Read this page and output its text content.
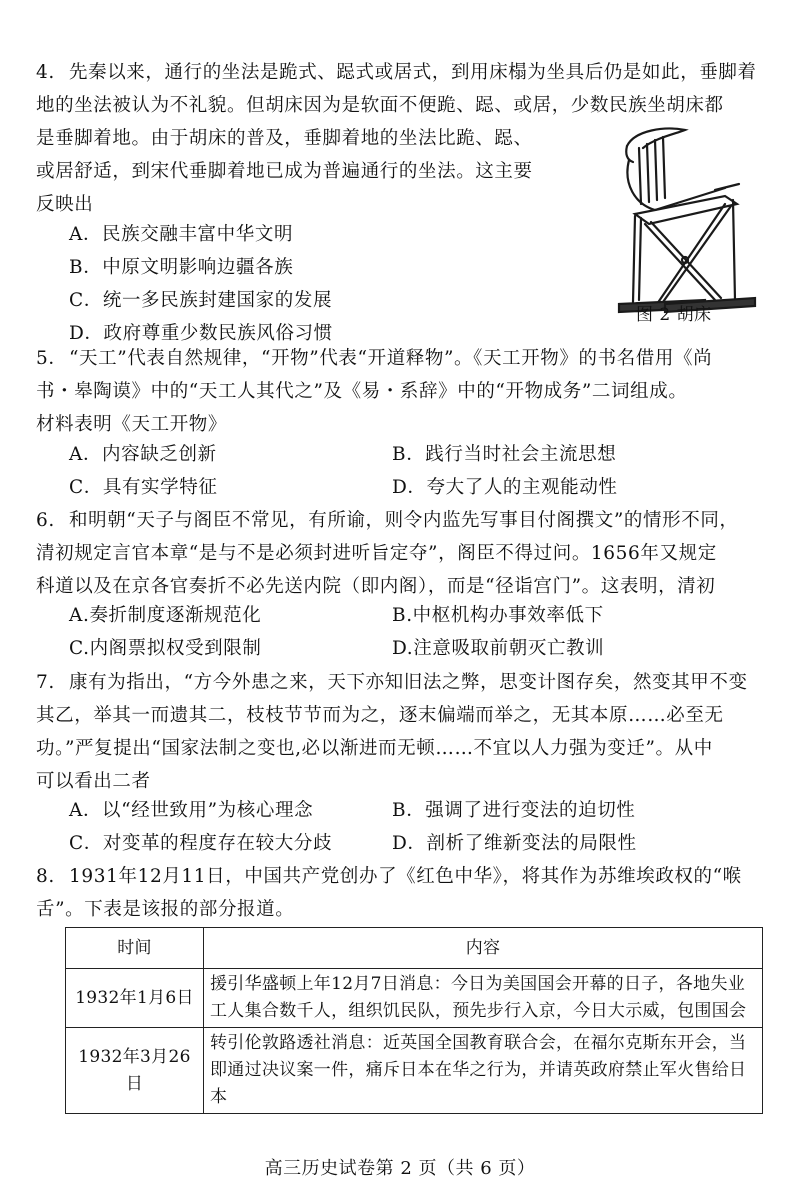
4. 先秦以来，通行的坐法是跪式、跽式或居式，到用床榻为坐具后仍是如此，垂脚着
地的坐法被认为不礼貌。但胡床因为是软面不便跪、跽、或居，少数民族坐胡床都
是垂脚着地。由于胡床的普及，垂脚着地的坐法比跪、跽、
或居舒适，到宋代垂脚着地已成为普遍通行的坐法。这主要
反映出
A．民族交融丰富中华文明
B．中原文明影响边疆各族
C．统一多民族封建国家的发展
D．政府尊重少数民族风俗习惯
图 2 胡床
5．“天工”代表自然规律，“开物”代表“开道释物”。《天工开物》的书名借用《尚
书・皋陶谟》中的“天工人其代之”及《易・系辞》中的“开物成务”二词组成。
材料表明《天工开物》
A．内容缺乏创新	B．践行当时社会主流思想
C．具有实学特征	D．夸大了人的主观能动性
6. 和明朝“天子与阁臣不常见，有所谕，则令内监先写事目付阁撰文”的情形不同，
清初规定言官本章“是与不是必须封进听旨定夺”，阁臣不得过问。1656年又规定
科道以及在京各官奏折不必先送内院（即内阁），而是“径诣宫门”。这表明，清初
A.奏折制度逐渐规范化	B.中枢机构办事效率低下
C.内阁票拟权受到限制	D.注意吸取前朝灭亡教训
7. 康有为指出，“方今外患之来，天下亦知旧法之弊，思变计图存矣，然变其甲不变
其乙，举其一而遗其二，枝枝节节而为之，逐末偏端而举之，无其本原……必至无
功。”严复提出“国家法制之变也,必以渐进而无顿……不宜以人力强为变迁”。从中
可以看出二者
A．以“经世致用”为核心理念	B．强调了进行变法的迫切性
C．对变革的程度存在较大分歧	D．剖析了维新变法的局限性
8. 1931年12月11日，中国共产党创办了《红色中华》，将其作为苏维埃政权的“喉
舌”。下表是该报的部分报道。
时间	内容
1932年1月6日	援引华盛顿上年12月7日消息：今日为美国国会开幕的日子，各地失业工人集合数千人，组织饥民队，预先步行入京，今日大示威，包围国会
1932年3月26日	转引伦敦路透社消息：近英国全国教育联合会，在福尔克斯东开会，当即通过决议案一件，痛斥日本在华之行为，并请英政府禁止军火售给日本
高三历史试卷第 2 页（共 6 页）
